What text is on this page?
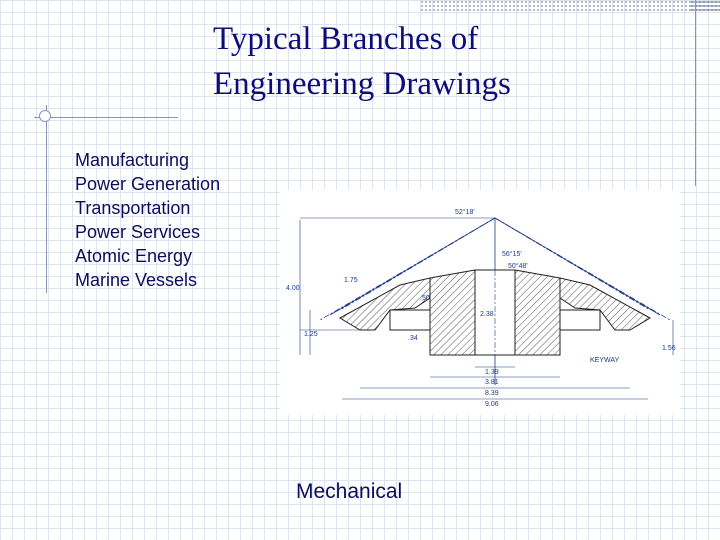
Typical Branches of
Engineering Drawings
Manufacturing
Power Generation
Transportation
Power Services
Atomic Energy
Marine Vessels
52°18'
56°15'
50°48'
4.00
1.75
.50
2.38
1.25
.34
1.56
KEYWAY
1.39
3.81
8.39
9.06
Mechanical
